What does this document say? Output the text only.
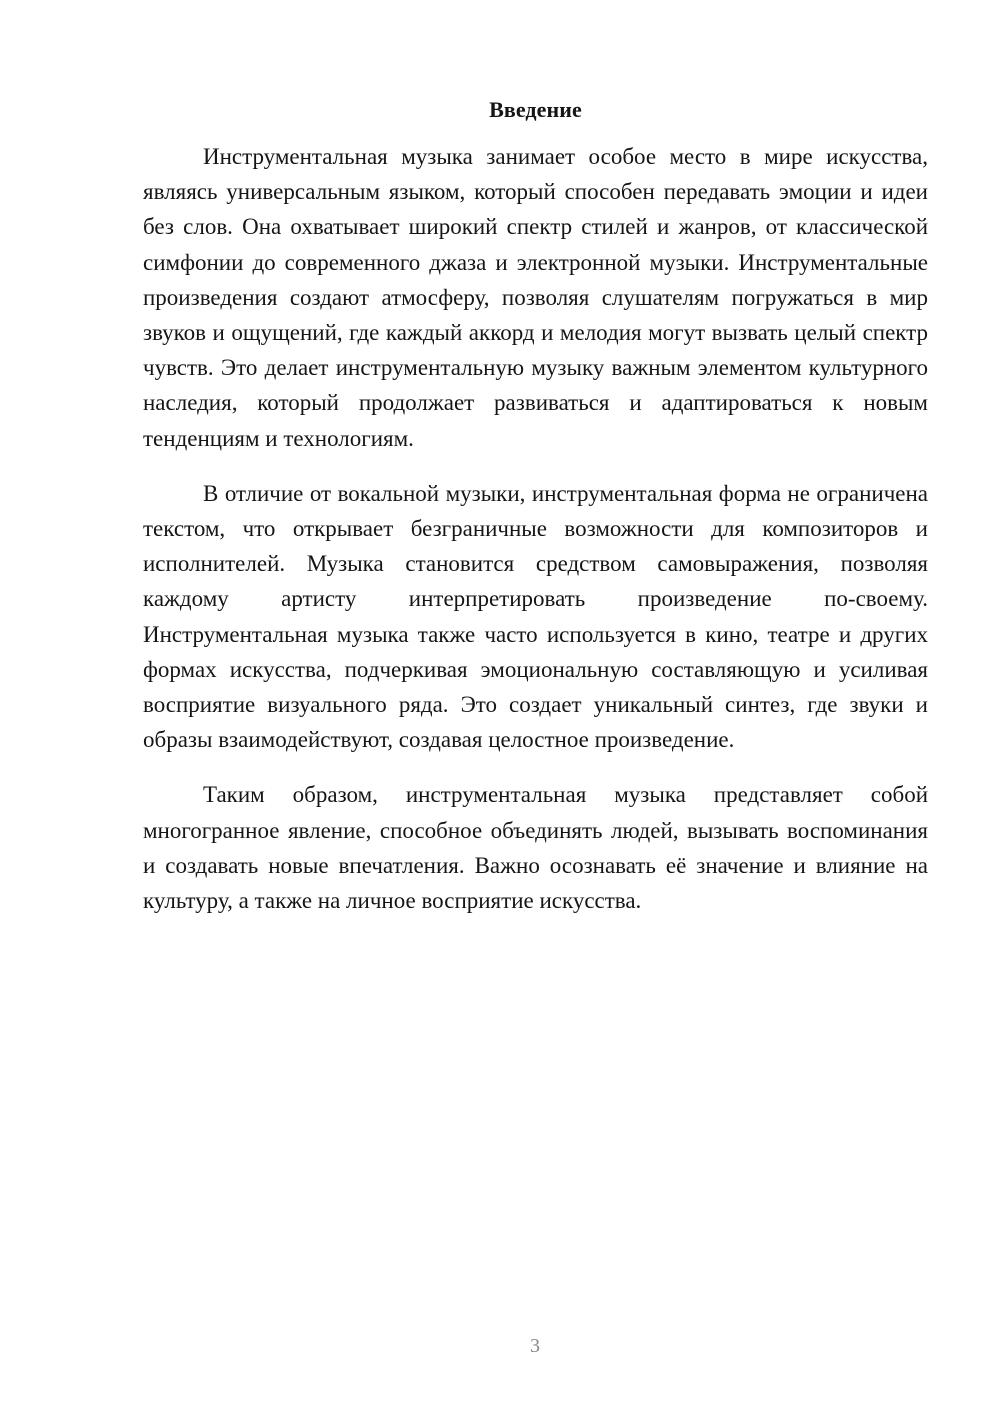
Введение

Инструментальная музыка занимает особое место в мире искусства, являясь универсальным языком, который способен передавать эмоции и идеи без слов. Она охватывает широкий спектр стилей и жанров, от классической симфонии до современного джаза и электронной музыки. Инструментальные произведения создают атмосферу, позволяя слушателям погружаться в мир звуков и ощущений, где каждый аккорд и мелодия могут вызвать целый спектр чувств. Это делает инструментальную музыку важным элементом культурного наследия, который продолжает развиваться и адаптироваться к новым тенденциям и технологиям.

В отличие от вокальной музыки, инструментальная форма не ограничена текстом, что открывает безграничные возможности для композиторов и исполнителей. Музыка становится средством самовыражения, позволяя каждому артисту интерпретировать произведение по-своему. Инструментальная музыка также часто используется в кино, театре и других формах искусства, подчеркивая эмоциональную составляющую и усиливая восприятие визуального ряда. Это создает уникальный синтез, где звуки и образы взаимодействуют, создавая целостное произведение.

Таким образом, инструментальная музыка представляет собой многогранное явление, способное объединять людей, вызывать воспоминания и создавать новые впечатления. Важно осознавать её значение и влияние на культуру, а также на личное восприятие искусства.

3
